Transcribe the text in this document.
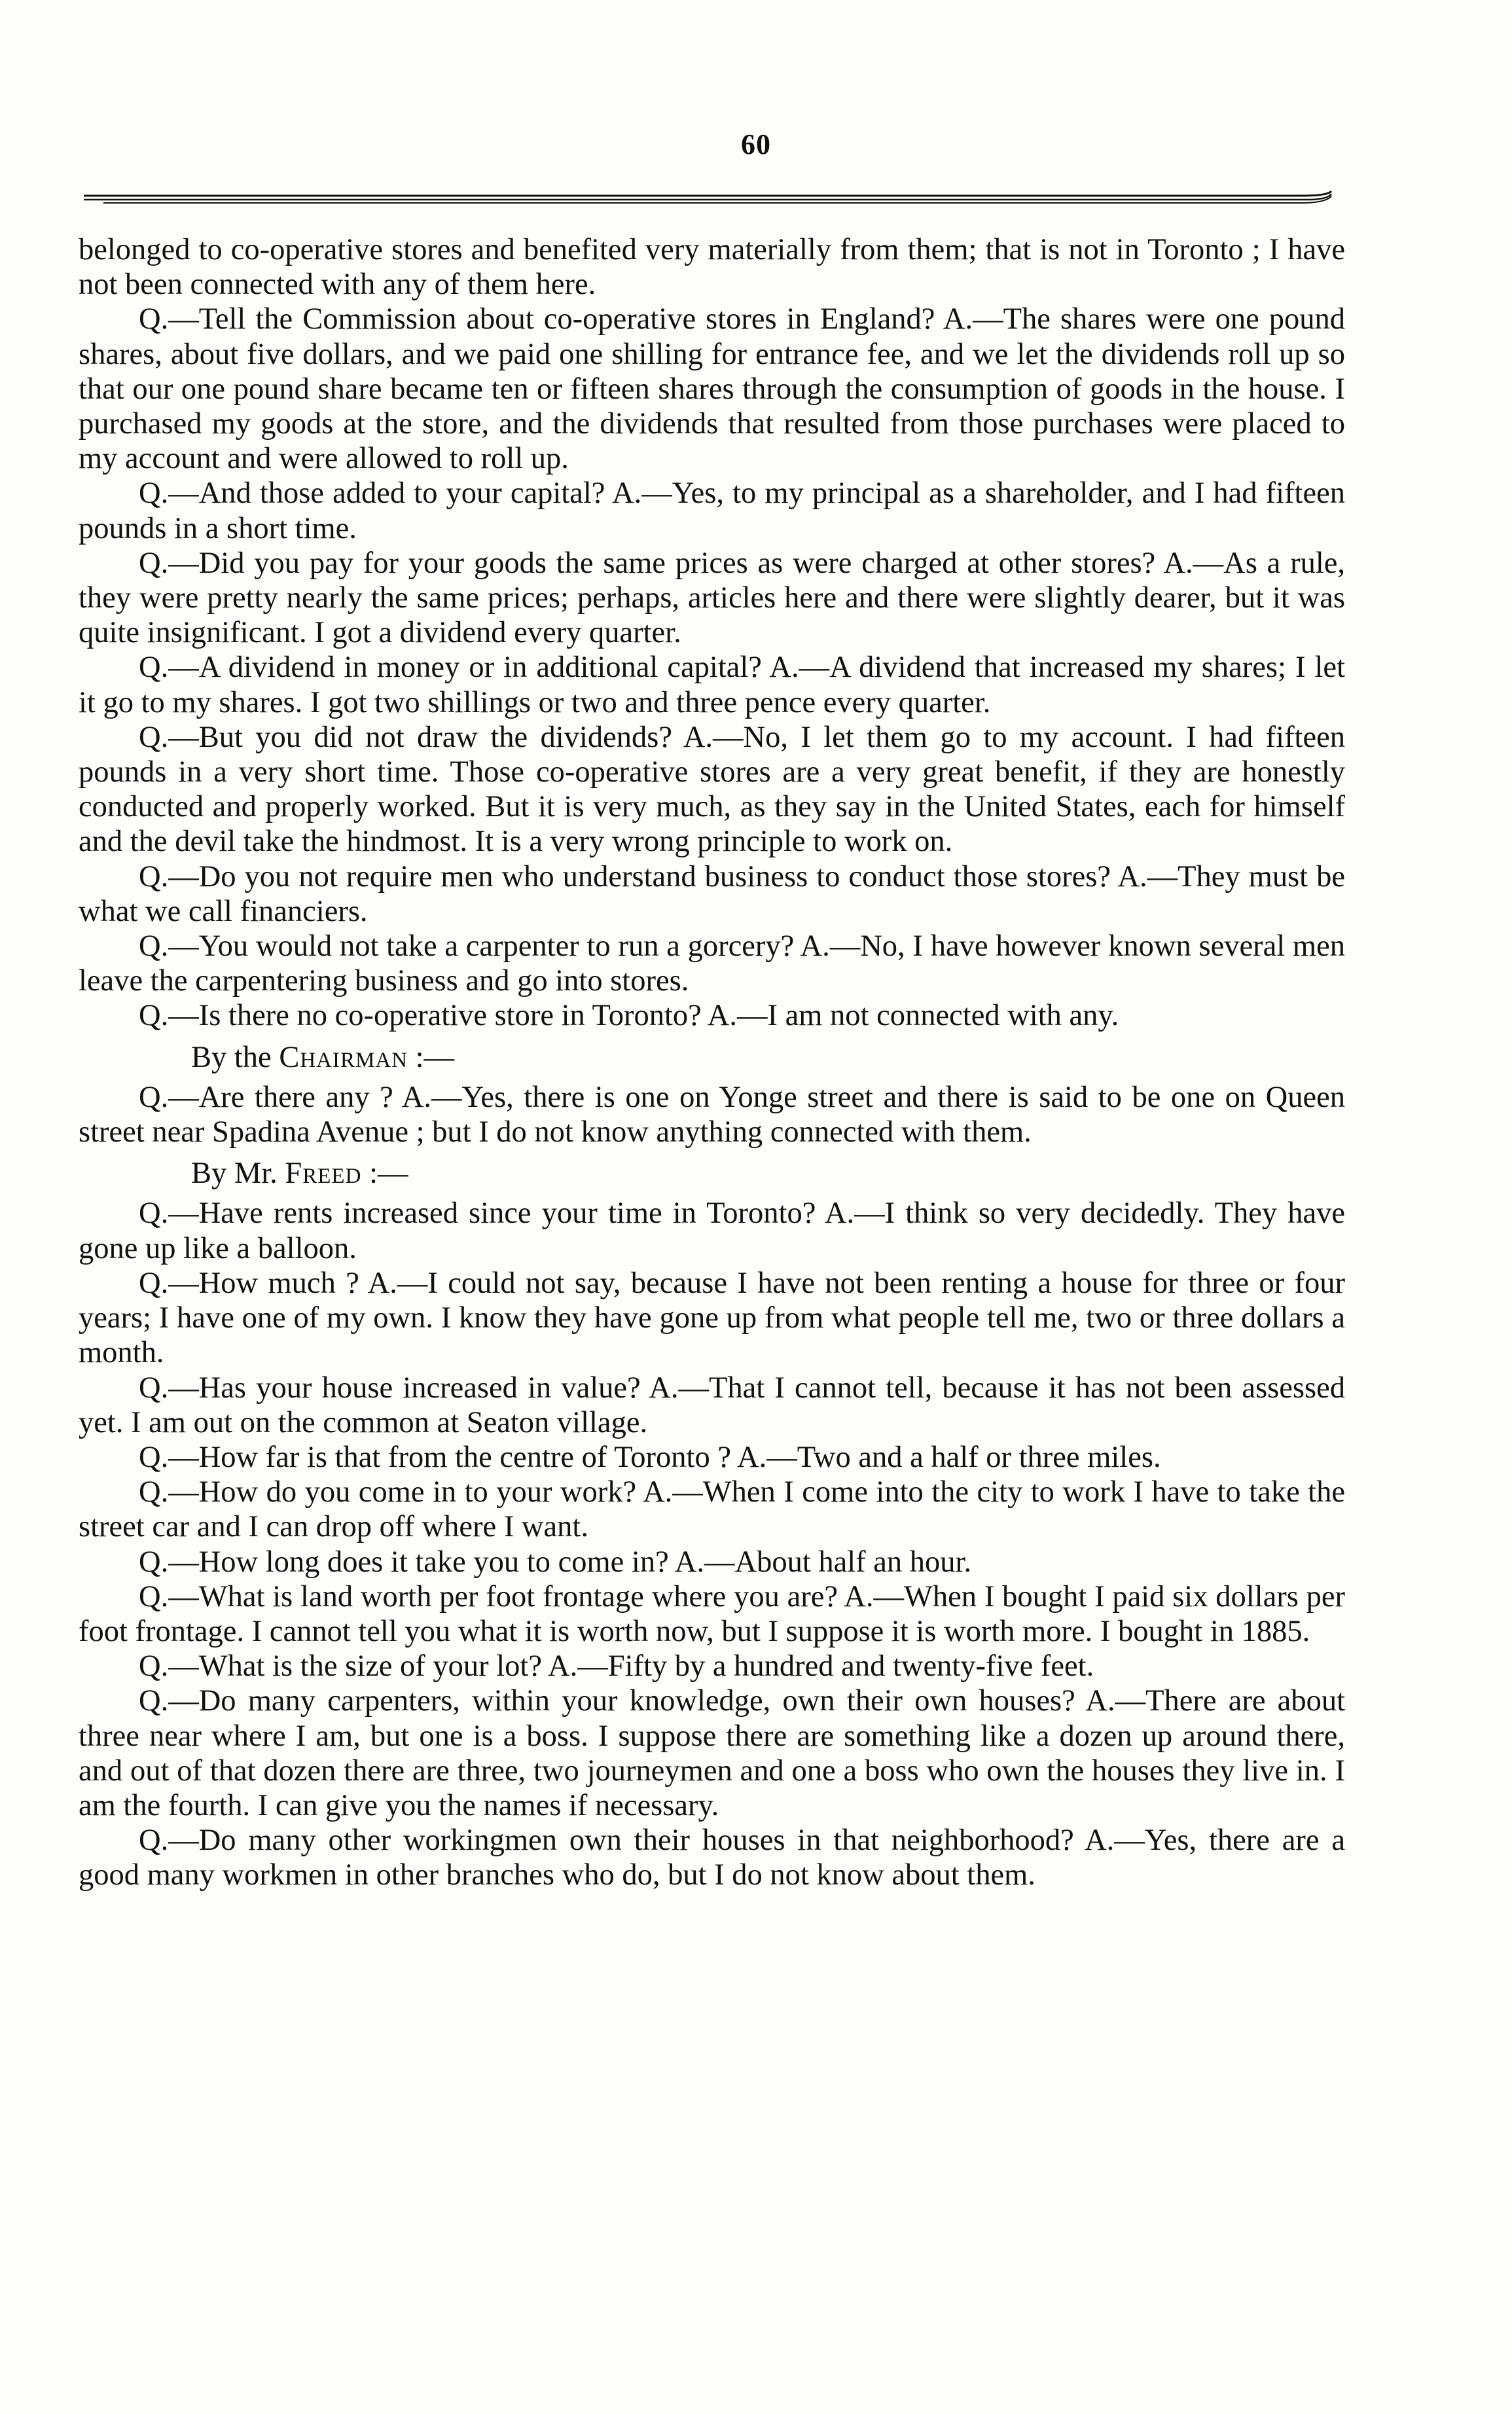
60

belonged to co-operative stores and benefited very materially from them; that is not in Toronto ; I have not been connected with any of them here.

Q.—Tell the Commission about co-operative stores in England? A.—The shares were one pound shares, about five dollars, and we paid one shilling for entrance fee, and we let the dividends roll up so that our one pound share became ten or fifteen shares through the consumption of goods in the house. I purchased my goods at the store, and the dividends that resulted from those purchases were placed to my account and were allowed to roll up.

Q.—And those added to your capital? A.—Yes, to my principal as a shareholder, and I had fifteen pounds in a short time.

Q.—Did you pay for your goods the same prices as were charged at other stores? A.—As a rule, they were pretty nearly the same prices; perhaps, articles here and there were slightly dearer, but it was quite insignificant. I got a dividend every quarter.

Q.—A dividend in money or in additional capital? A.—A dividend that increased my shares; I let it go to my shares. I got two shillings or two and three pence every quarter.

Q.—But you did not draw the dividends? A.—No, I let them go to my account. I had fifteen pounds in a very short time. Those co-operative stores are a very great benefit, if they are honestly conducted and properly worked. But it is very much, as they say in the United States, each for himself and the devil take the hindmost. It is a very wrong principle to work on.

Q.—Do you not require men who understand business to conduct those stores? A.—They must be what we call financiers.

Q.—You would not take a carpenter to run a gorcery? A.—No, I have however known several men leave the carpentering business and go into stores.

Q.—Is there no co-operative store in Toronto? A.—I am not connected with any.

By the Chairman :—

Q.—Are there any ? A.—Yes, there is one on Yonge street and there is said to be one on Queen street near Spadina Avenue ; but I do not know anything connected with them.

By Mr. Freed :—

Q.—Have rents increased since your time in Toronto? A.—I think so very decidedly. They have gone up like a balloon.

Q.—How much ? A.—I could not say, because I have not been renting a house for three or four years; I have one of my own. I know they have gone up from what people tell me, two or three dollars a month.

Q.—Has your house increased in value? A.—That I cannot tell, because it has not been assessed yet. I am out on the common at Seaton village.

Q.—How far is that from the centre of Toronto ? A.—Two and a half or three miles.

Q.—How do you come in to your work? A.—When I come into the city to work I have to take the street car and I can drop off where I want.

Q.—How long does it take you to come in? A.—About half an hour.

Q.—What is land worth per foot frontage where you are? A.—When I bought I paid six dollars per foot frontage. I cannot tell you what it is worth now, but I suppose it is worth more. I bought in 1885.

Q.—What is the size of your lot? A.—Fifty by a hundred and twenty-five feet.

Q.—Do many carpenters, within your knowledge, own their own houses? A.—There are about three near where I am, but one is a boss. I suppose there are something like a dozen up around there, and out of that dozen there are three, two journeymen and one a boss who own the houses they live in. I am the fourth. I can give you the names if necessary.

Q.—Do many other workingmen own their houses in that neighborhood? A.—Yes, there are a good many workmen in other branches who do, but I do not know about them.
